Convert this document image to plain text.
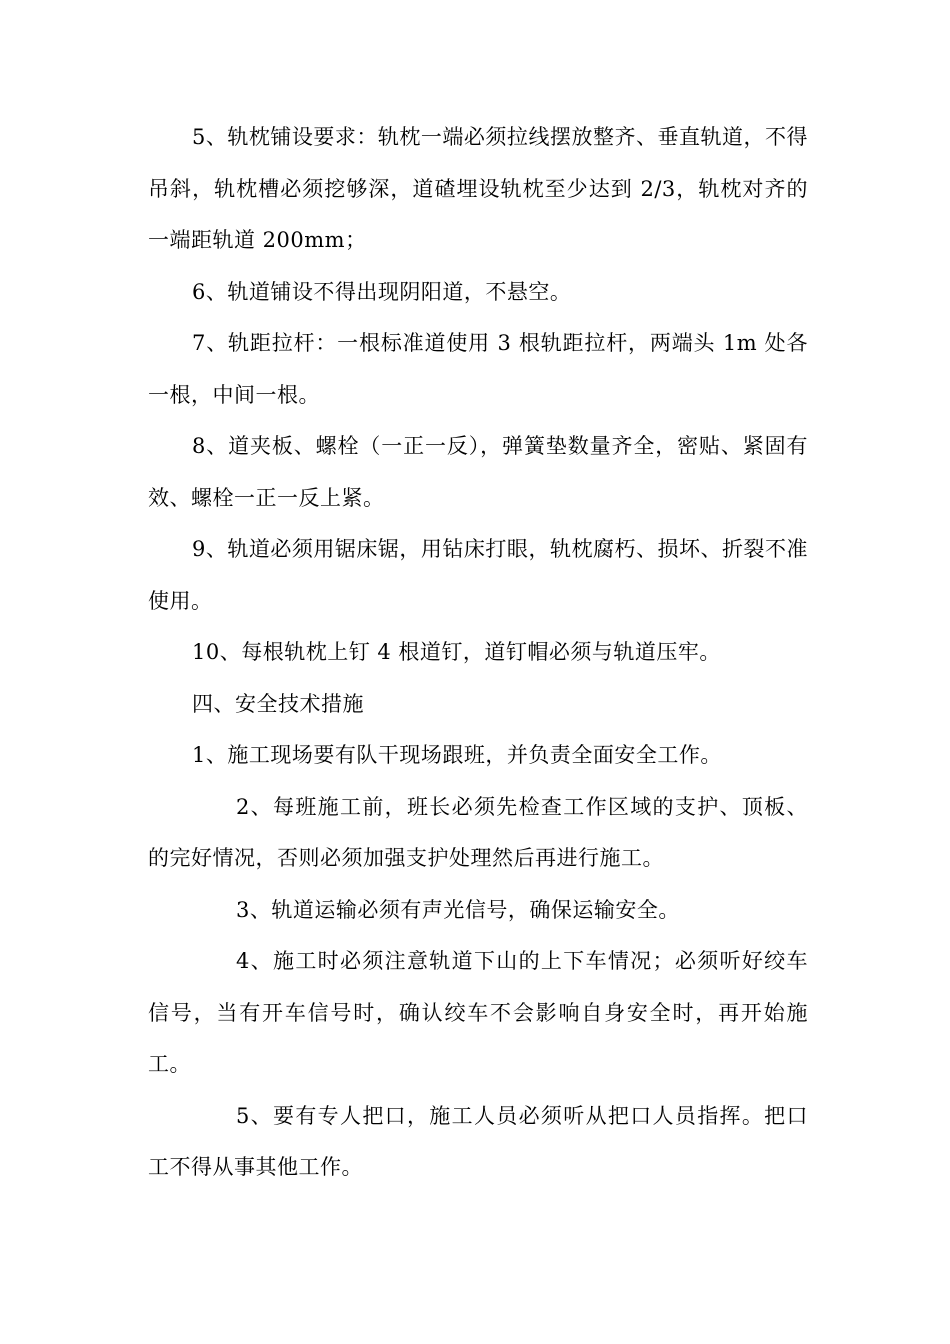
5、轨枕铺设要求：轨枕一端必须拉线摆放整齐、垂直轨道，不得吊斜，轨枕槽必须挖够深，道碴埋设轨枕至少达到 2/3，轨枕对齐的一端距轨道 200mm；

6、轨道铺设不得出现阴阳道，不悬空。

7、轨距拉杆：一根标准道使用 3 根轨距拉杆，两端头 1m 处各一根，中间一根。

8、道夹板、螺栓（一正一反），弹簧垫数量齐全，密贴、紧固有效、螺栓一正一反上紧。

9、轨道必须用锯床锯，用钻床打眼，轨枕腐朽、损坏、折裂不准使用。

10、每根轨枕上钉 4 根道钉，道钉帽必须与轨道压牢。

四、安全技术措施

1、施工现场要有队干现场跟班，并负责全面安全工作。

2、每班施工前，班长必须先检查工作区域的支护、顶板、的完好情况，否则必须加强支护处理然后再进行施工。

3、轨道运输必须有声光信号，确保运输安全。

4、施工时必须注意轨道下山的上下车情况；必须听好绞车信号，当有开车信号时，确认绞车不会影响自身安全时，再开始施工。

5、要有专人把口，施工人员必须听从把口人员指挥。把口工不得从事其他工作。
